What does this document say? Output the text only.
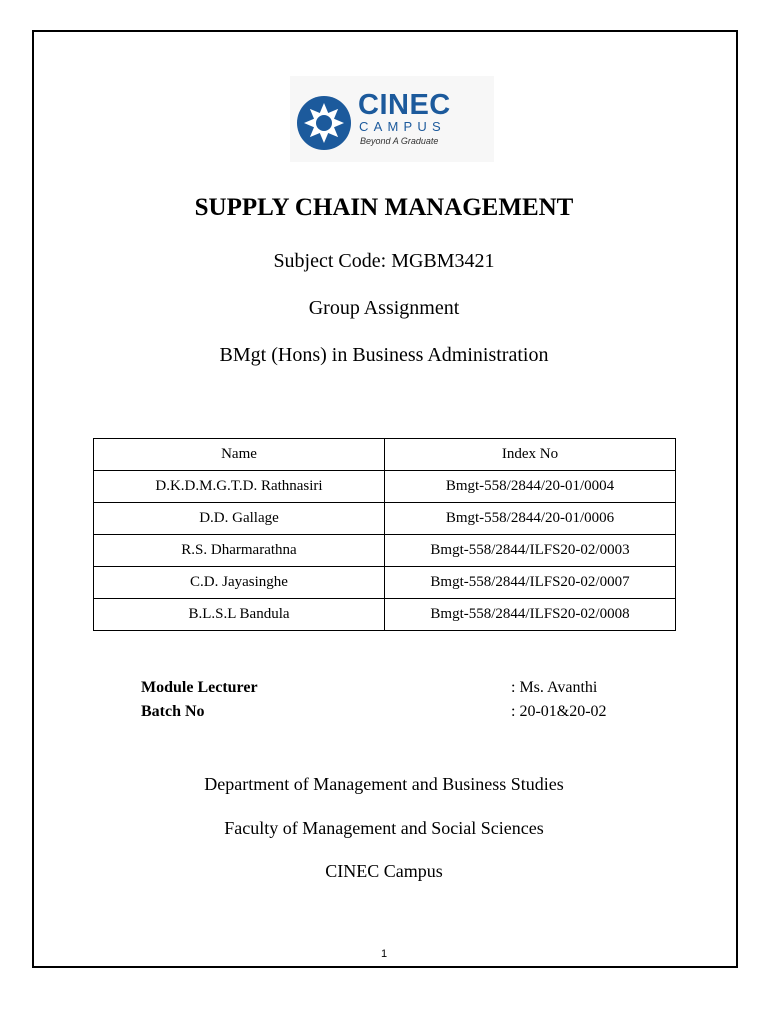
CINEC
CAMPUS
Beyond A Graduate
SUPPLY CHAIN MANAGEMENT
Subject Code: MGBM3421
Group Assignment
BMgt (Hons) in Business Administration
Name	Index No
D.K.D.M.G.T.D. Rathnasiri	Bmgt-558/2844/20-01/0004
D.D. Gallage	Bmgt-558/2844/20-01/0006
R.S. Dharmarathna	Bmgt-558/2844/ILFS20-02/0003
C.D. Jayasinghe	Bmgt-558/2844/ILFS20-02/0007
B.L.S.L Bandula	Bmgt-558/2844/ILFS20-02/0008
Module Lecturer	: Ms. Avanthi
Batch No	: 20-01&20-02
Department of Management and Business Studies
Faculty of Management and Social Sciences
CINEC Campus
1
